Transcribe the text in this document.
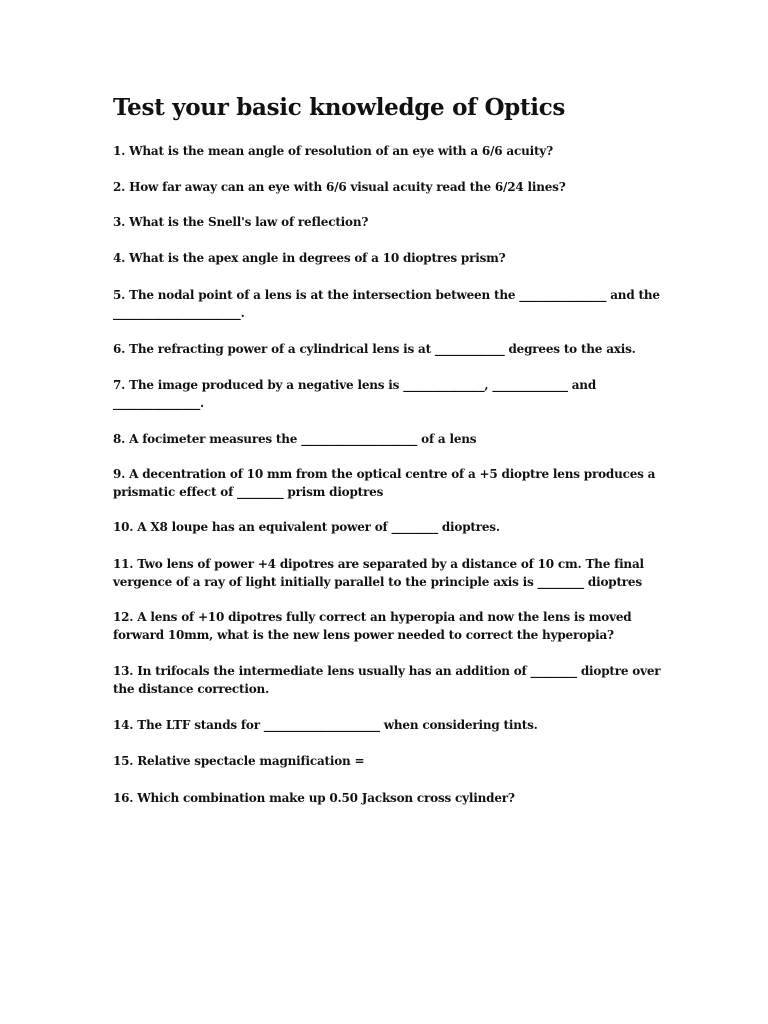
Test your basic knowledge of Optics

1. What is the mean angle of resolution of an eye with a 6/6 acuity?

2. How far away can an eye with 6/6 visual acuity read the 6/24 lines?

3. What is the Snell's law of reflection?

4. What is the apex angle in degrees of a 10 dioptres prism?

5. The nodal point of a lens is at the intersection between the _______________ and the
______________________.

6. The refracting power of a cylindrical lens is at ____________ degrees to the axis.

7. The image produced by a negative lens is ______________, _____________ and
_______________.

8. A focimeter measures the ____________________ of a lens

9. A decentration of 10 mm from the optical centre of a +5 dioptre lens produces a
prismatic effect of ________ prism dioptres

10. A X8 loupe has an equivalent power of ________ dioptres.

11. Two lens of power +4 dipotres are separated by a distance of 10 cm. The final
vergence of a ray of light initially parallel to the principle axis is ________ dioptres

12. A lens of +10 dipotres fully correct an hyperopia and now the lens is moved
forward 10mm, what is the new lens power needed to correct the hyperopia?

13. In trifocals the intermediate lens usually has an addition of ________ dioptre over
the distance correction.

14. The LTF stands for ____________________ when considering tints.

15. Relative spectacle magnification =

16. Which combination make up 0.50 Jackson cross cylinder?
